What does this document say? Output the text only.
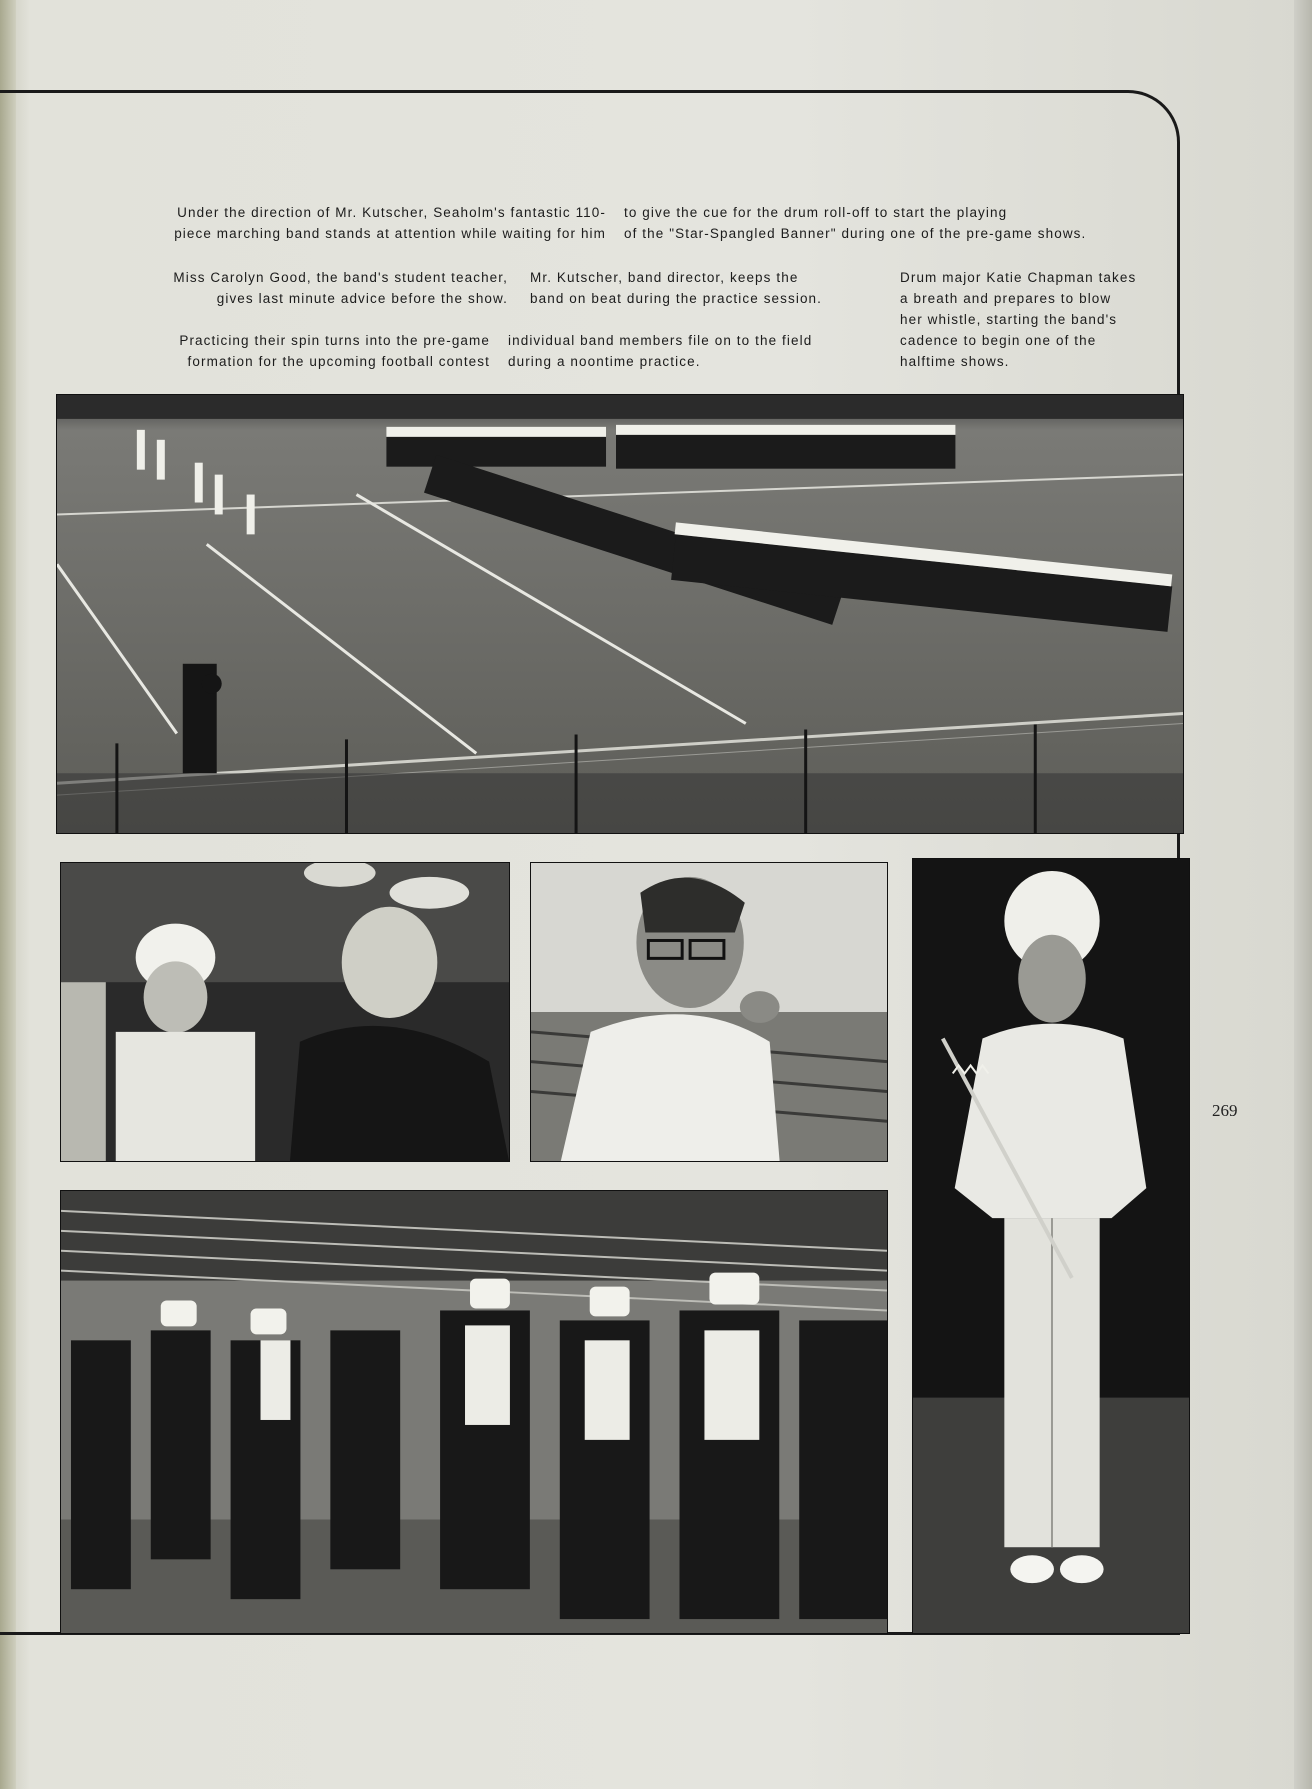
Under the direction of Mr. Kutscher, Seaholm's fantastic 110-
piece marching band stands at attention while waiting for him
to give the cue for the drum roll-off to start the playing
of the "Star-Spangled Banner" during one of the pre-game shows.
Miss Carolyn Good, the band's student teacher,
gives last minute advice before the show.
Mr. Kutscher, band director, keeps the
band on beat during the practice session.
Drum major Katie Chapman takes
a breath and prepares to blow
her whistle, starting the band's
cadence to begin one of the
halftime shows.
Practicing their spin turns into the pre-game
formation for the upcoming football contest
individual band members file on to the field
during a noontime practice.
269
